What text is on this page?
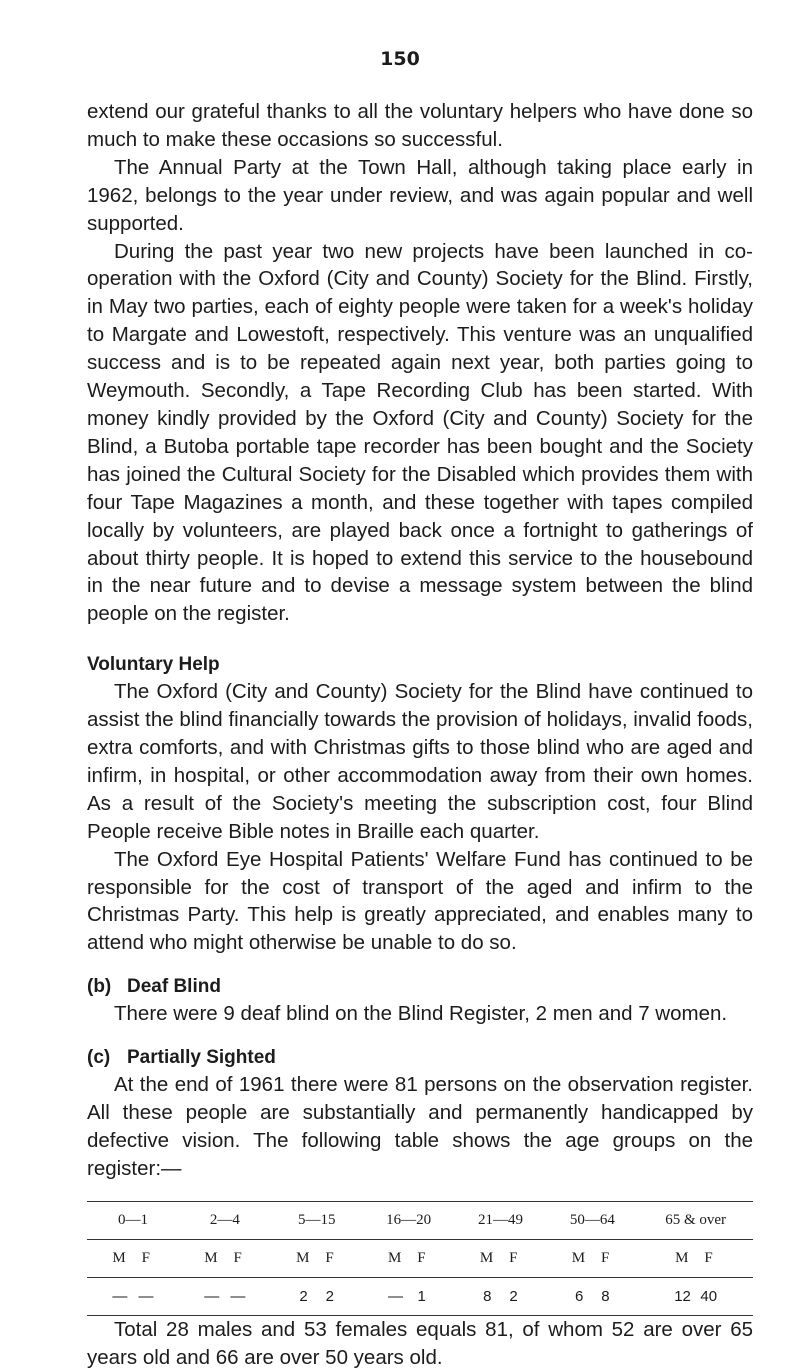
150

extend our grateful thanks to all the voluntary helpers who have done so much to make these occasions so successful.

The Annual Party at the Town Hall, although taking place early in 1962, belongs to the year under review, and was again popular and well supported.

During the past year two new projects have been launched in co-operation with the Oxford (City and County) Society for the Blind. Firstly, in May two parties, each of eighty people were taken for a week's holiday to Margate and Lowestoft, respectively. This venture was an unqualified success and is to be repeated again next year, both parties going to Weymouth. Secondly, a Tape Recording Club has been started. With money kindly provided by the Oxford (City and County) Society for the Blind, a Butoba portable tape recorder has been bought and the Society has joined the Cultural Society for the Disabled which provides them with four Tape Magazines a month, and these together with tapes compiled locally by volunteers, are played back once a fortnight to gatherings of about thirty people. It is hoped to extend this service to the housebound in the near future and to devise a message system between the blind people on the register.

Voluntary Help

The Oxford (City and County) Society for the Blind have continued to assist the blind financially towards the provision of holidays, invalid foods, extra comforts, and with Christmas gifts to those blind who are aged and infirm, in hospital, or other accommodation away from their own homes. As a result of the Society's meeting the subscription cost, four Blind People receive Bible notes in Braille each quarter.

The Oxford Eye Hospital Patients' Welfare Fund has continued to be responsible for the cost of transport of the aged and infirm to the Christmas Party. This help is greatly appreciated, and enables many to attend who might otherwise be unable to do so.

(b) Deaf Blind

There were 9 deaf blind on the Blind Register, 2 men and 7 women.

(c) Partially Sighted

At the end of 1961 there were 81 persons on the observation register. All these people are substantially and permanently handicapped by defective vision. The following table shows the age groups on the register:—

0—1	2—4	5—15	16—20	21—49	50—64	65 & over
M F	M F	M F	M F	M F	M F	M F
— —	— —	2 2	— 1	8 2	6 8	12 40

Total 28 males and 53 females equals 81, of whom 52 are over 65 years old and 66 are over 50 years old.
